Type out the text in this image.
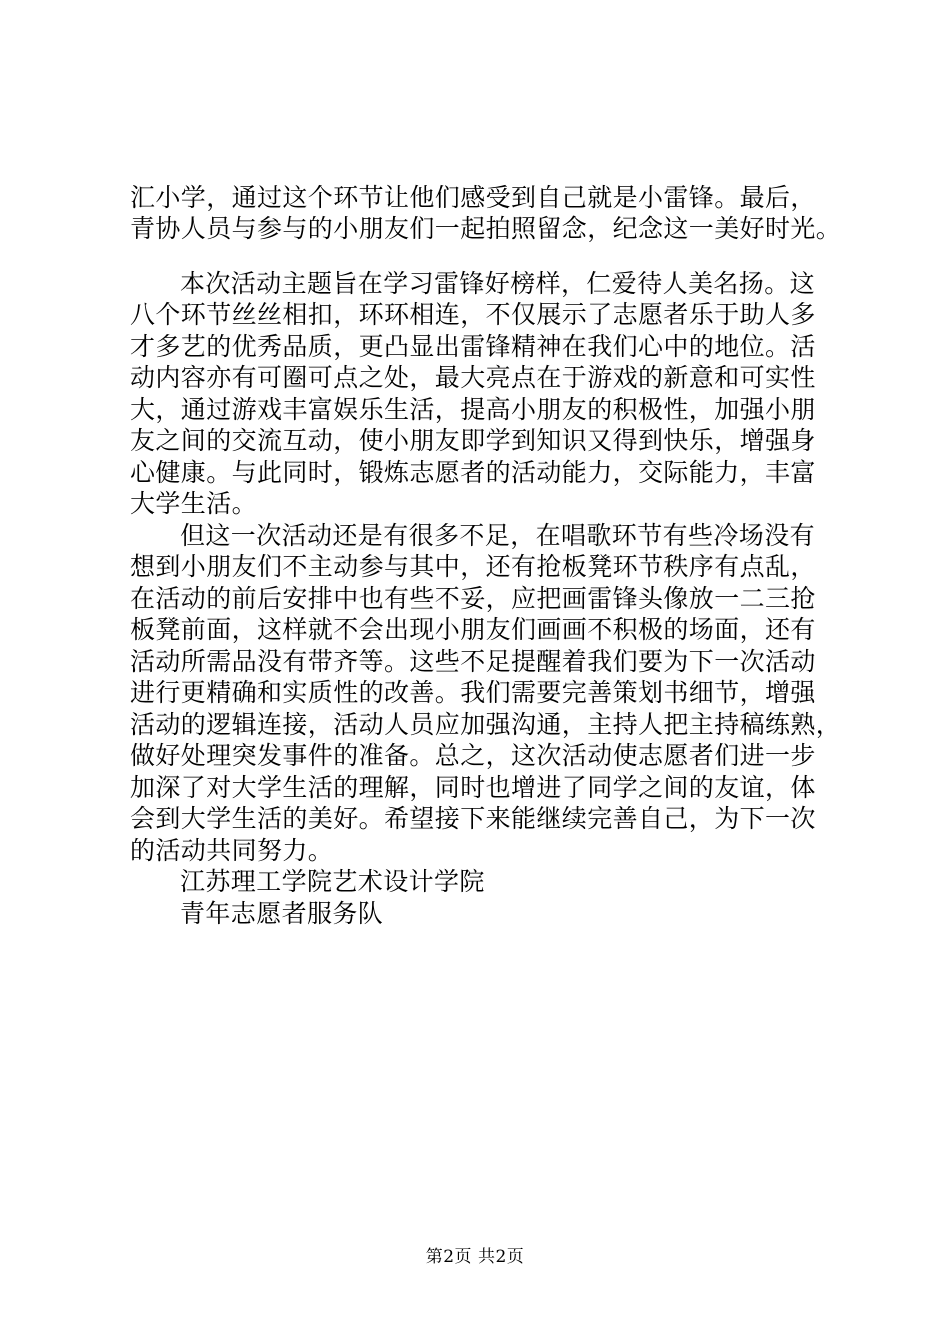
汇小学，通过这个环节让他们感受到自己就是小雷锋。最后，
青协人员与参与的小朋友们一起拍照留念，纪念这一美好时光。
本次活动主题旨在学习雷锋好榜样，仁爱待人美名扬。这
八个环节丝丝相扣，环环相连，不仅展示了志愿者乐于助人多
才多艺的优秀品质，更凸显出雷锋精神在我们心中的地位。活
动内容亦有可圈可点之处，最大亮点在于游戏的新意和可实性
大，通过游戏丰富娱乐生活，提高小朋友的积极性，加强小朋
友之间的交流互动，使小朋友即学到知识又得到快乐，增强身
心健康。与此同时，锻炼志愿者的活动能力，交际能力，丰富
大学生活。
但这一次活动还是有很多不足，在唱歌环节有些冷场没有
想到小朋友们不主动参与其中，还有抢板凳环节秩序有点乱，
在活动的前后安排中也有些不妥，应把画雷锋头像放一二三抢
板凳前面，这样就不会出现小朋友们画画不积极的场面，还有
活动所需品没有带齐等。这些不足提醒着我们要为下一次活动
进行更精确和实质性的改善。我们需要完善策划书细节，增强
活动的逻辑连接，活动人员应加强沟通，主持人把主持稿练熟，
做好处理突发事件的准备。总之，这次活动使志愿者们进一步
加深了对大学生活的理解，同时也增进了同学之间的友谊，体
会到大学生活的美好。希望接下来能继续完善自己，为下一次
的活动共同努力。
江苏理工学院艺术设计学院
青年志愿者服务队
第2页 共2页
